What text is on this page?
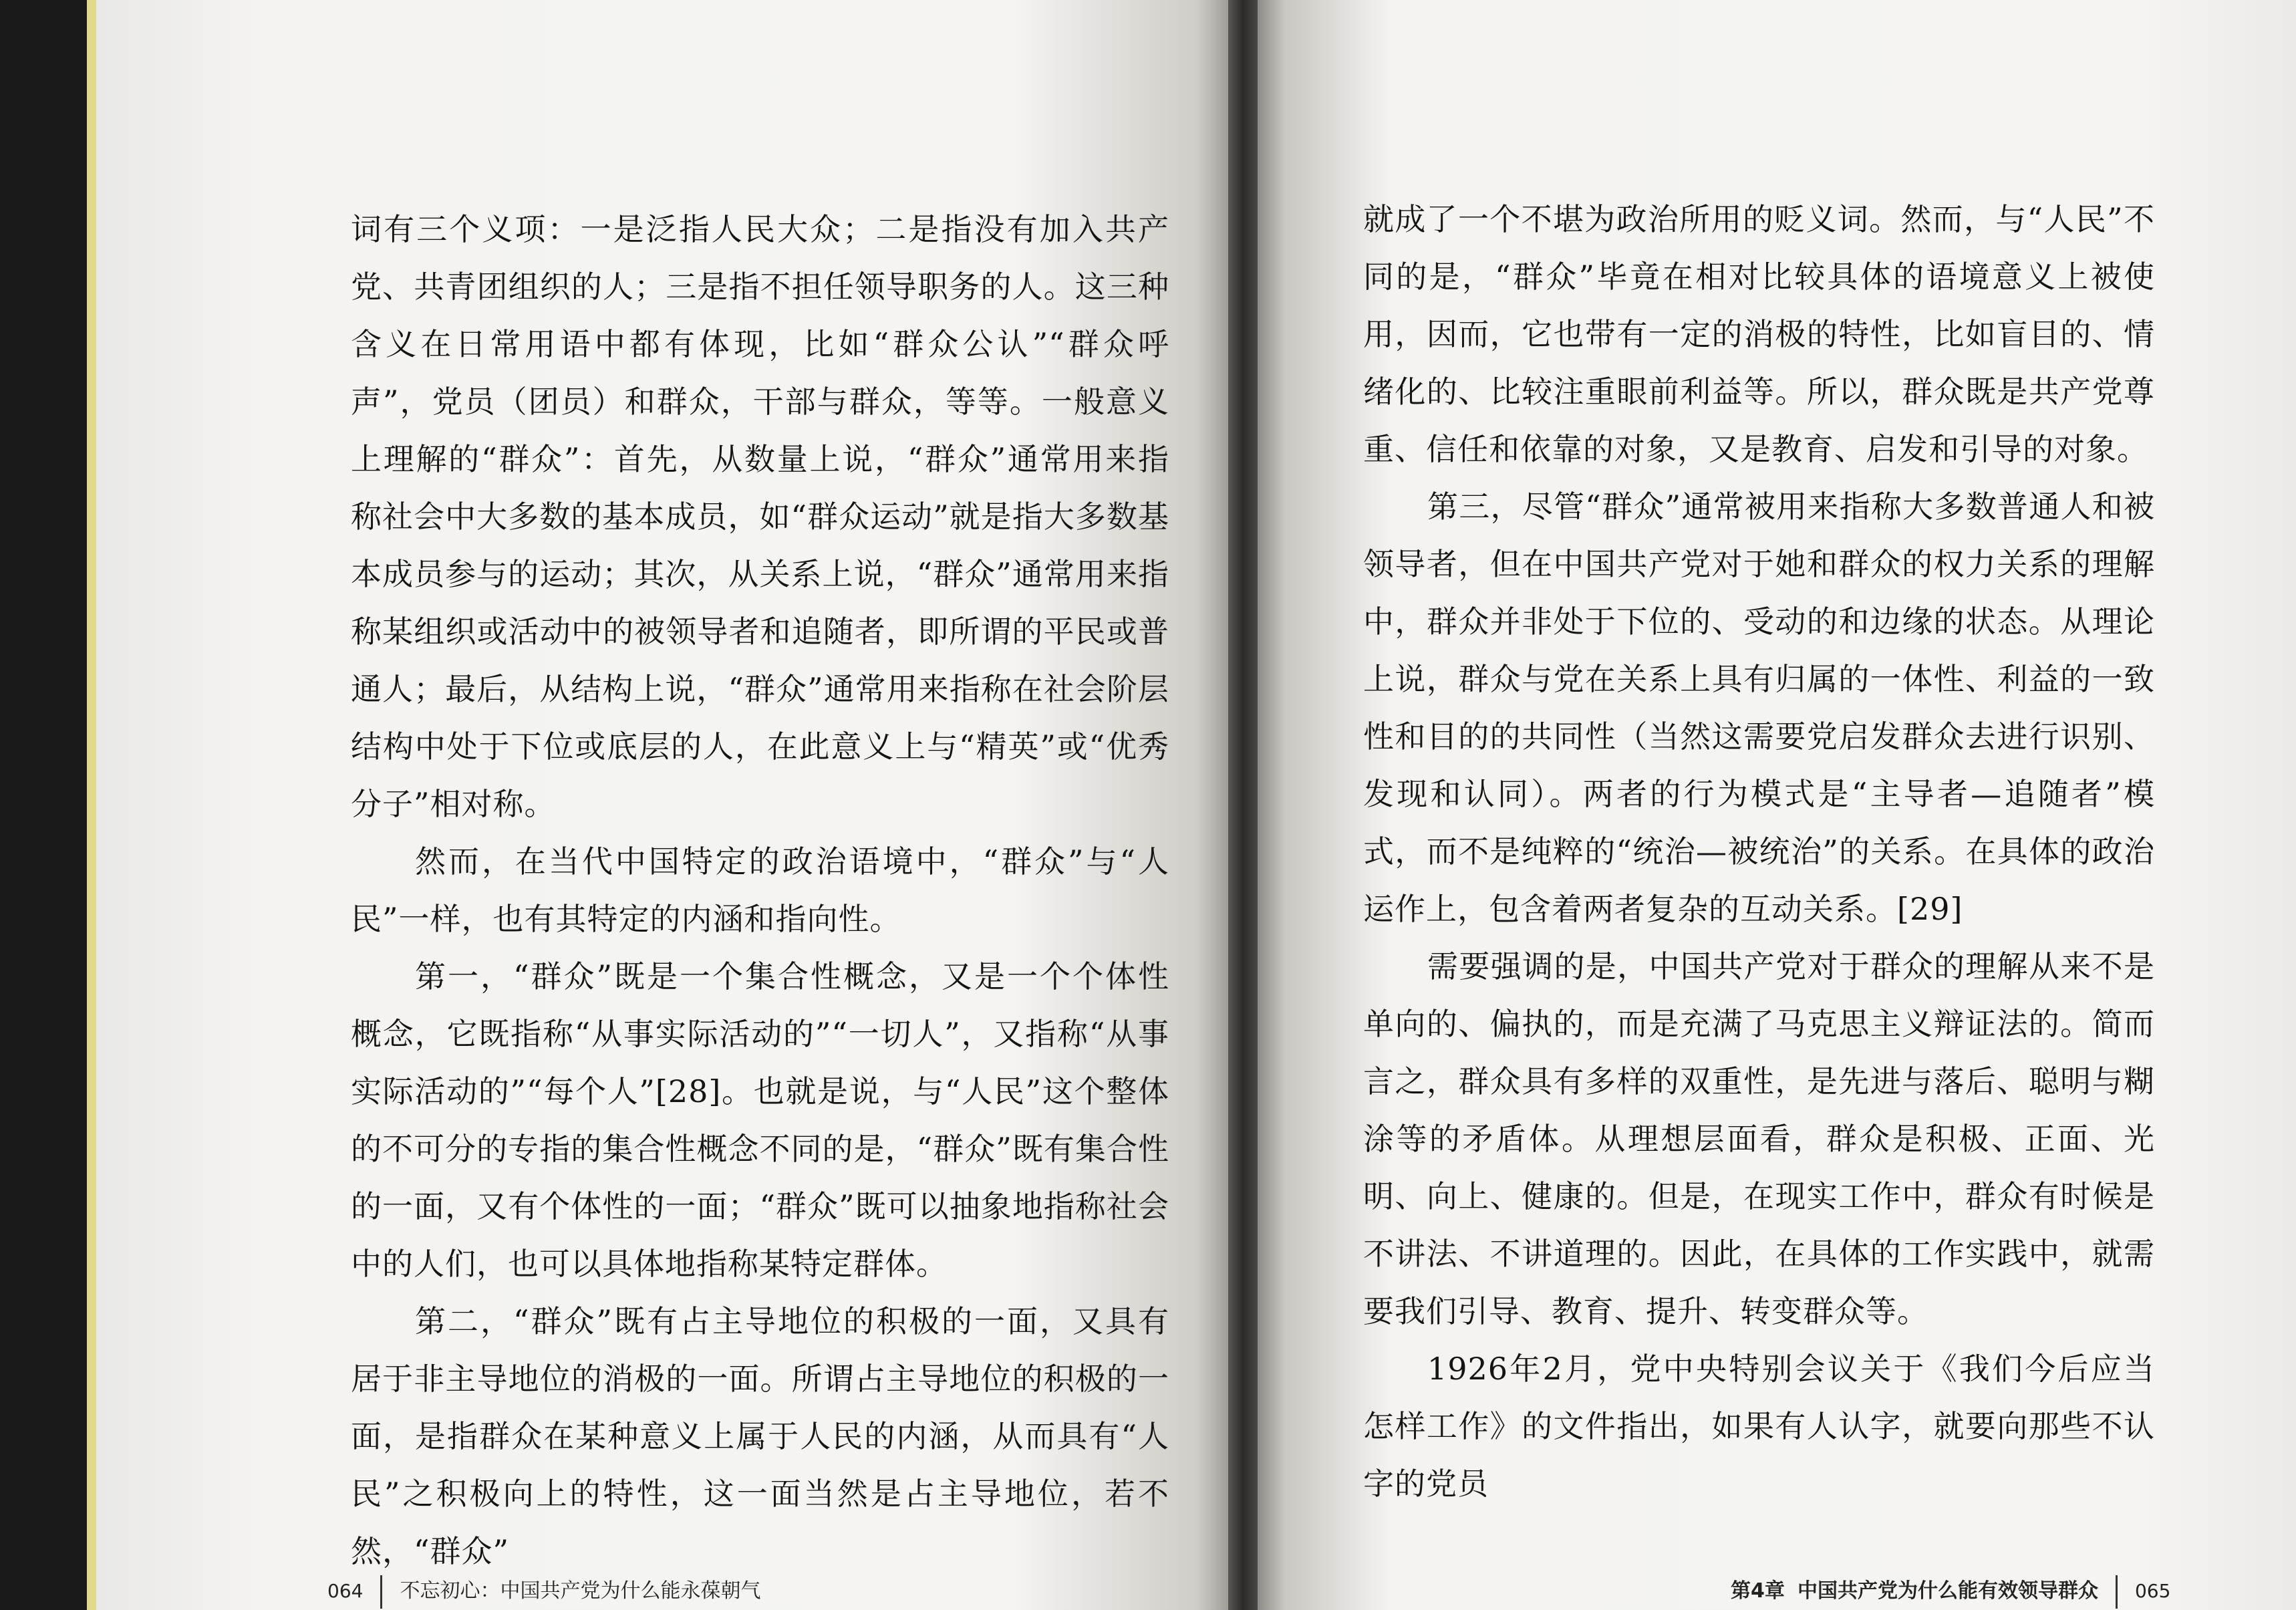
词有三个义项：一是泛指人民大众；二是指没有加入共产党、共青团组织的人；三是指不担任领导职务的人。这三种含义在日常用语中都有体现，比如“群众公认”“群众呼声”，党员（团员）和群众，干部与群众，等等。一般意义上理解的“群众”：首先，从数量上说，“群众”通常用来指称社会中大多数的基本成员，如“群众运动”就是指大多数基本成员参与的运动；其次，从关系上说，“群众”通常用来指称某组织或活动中的被领导者和追随者，即所谓的平民或普通人；最后，从结构上说，“群众”通常用来指称在社会阶层结构中处于下位或底层的人，在此意义上与“精英”或“优秀分子”相对称。

然而，在当代中国特定的政治语境中，“群众”与“人民”一样，也有其特定的内涵和指向性。

第一，“群众”既是一个集合性概念，又是一个个体性概念，它既指称“从事实际活动的”“一切人”，又指称“从事实际活动的”“每个人”[28]。也就是说，与“人民”这个整体的不可分的专指的集合性概念不同的是，“群众”既有集合性的一面，又有个体性的一面；“群众”既可以抽象地指称社会中的人们，也可以具体地指称某特定群体。

第二，“群众”既有占主导地位的积极的一面，又具有居于非主导地位的消极的一面。所谓占主导地位的积极的一面，是指群众在某种意义上属于人民的内涵，从而具有“人民”之积极向上的特性，这一面当然是占主导地位，若不然，“群众”

就成了一个不堪为政治所用的贬义词。然而，与“人民”不同的是，“群众”毕竟在相对比较具体的语境意义上被使用，因而，它也带有一定的消极的特性，比如盲目的、情绪化的、比较注重眼前利益等。所以，群众既是共产党尊重、信任和依靠的对象，又是教育、启发和引导的对象。

第三，尽管“群众”通常被用来指称大多数普通人和被领导者，但在中国共产党对于她和群众的权力关系的理解中，群众并非处于下位的、受动的和边缘的状态。从理论上说，群众与党在关系上具有归属的一体性、利益的一致性和目的的共同性（当然这需要党启发群众去进行识别、发现和认同）。两者的行为模式是“主导者—追随者”模式，而不是纯粹的“统治—被统治”的关系。在具体的政治运作上，包含着两者复杂的互动关系。[29]

需要强调的是，中国共产党对于群众的理解从来不是单向的、偏执的，而是充满了马克思主义辩证法的。简而言之，群众具有多样的双重性，是先进与落后、聪明与糊涂等的矛盾体。从理想层面看，群众是积极、正面、光明、向上、健康的。但是，在现实工作中，群众有时候是不讲法、不讲道理的。因此，在具体的工作实践中，就需要我们引导、教育、提升、转变群众等。

1926年2月，党中央特别会议关于《我们今后应当怎样工作》的文件指出，如果有人认字，就要向那些不认字的党员

064 不忘初心：中国共产党为什么能永葆朝气	第4章 中国共产党为什么能有效领导群众 065
